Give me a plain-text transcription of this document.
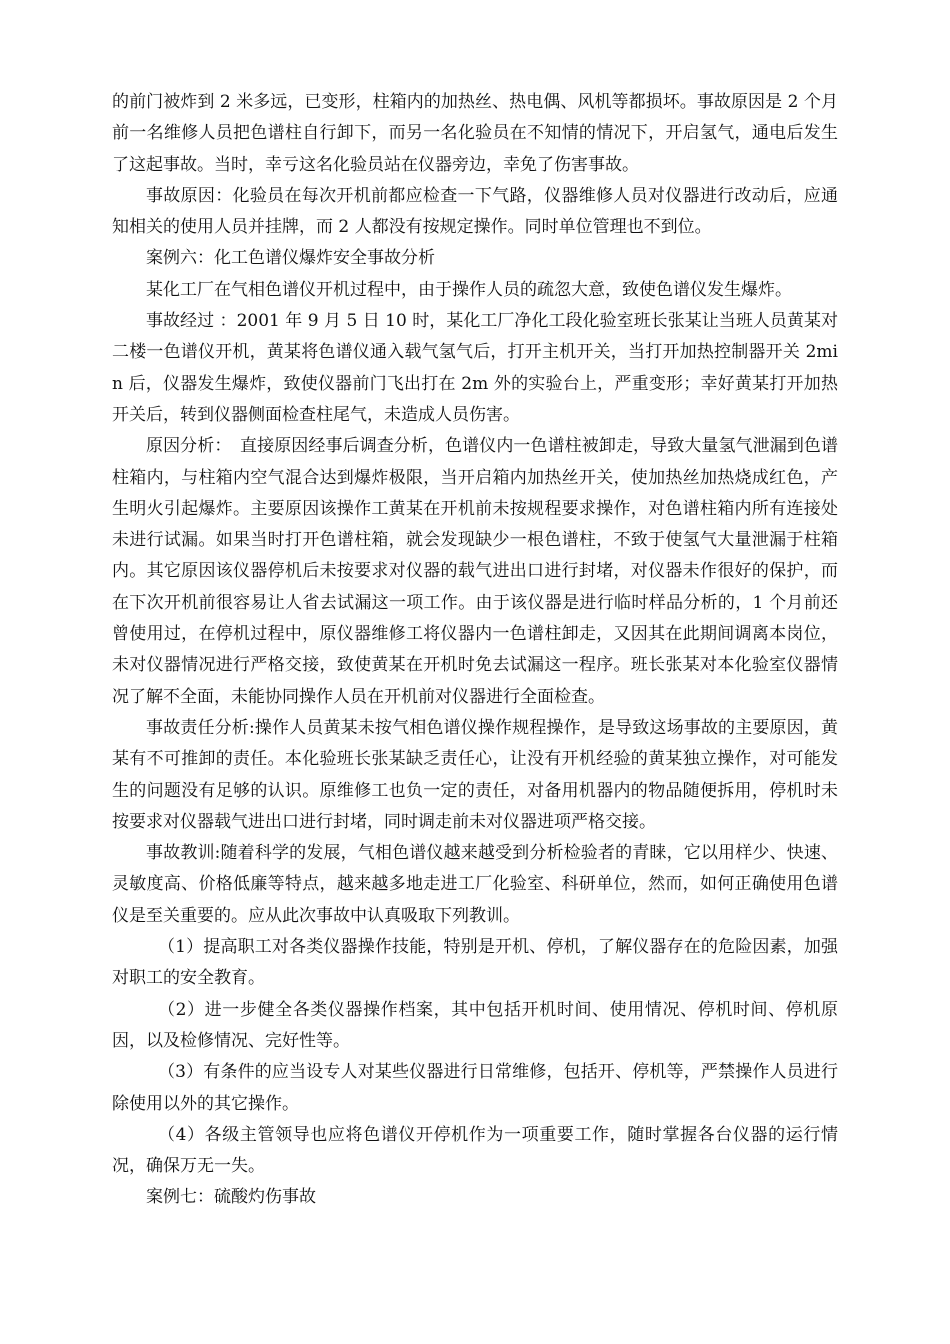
的前门被炸到 2 米多远，已变形，柱箱内的加热丝、热电偶、风机等都损坏。事故原因是 2 个月前一名维修人员把色谱柱自行卸下，而另一名化验员在不知情的情况下，开启氢气，通电后发生了这起事故。当时，幸亏这名化验员站在仪器旁边，幸免了伤害事故。

事故原因：化验员在每次开机前都应检查一下气路，仪器维修人员对仪器进行改动后，应通知相关的使用人员并挂牌，而 2 人都没有按规定操作。同时单位管理也不到位。

案例六：化工色谱仪爆炸安全事故分析

某化工厂在气相色谱仪开机过程中，由于操作人员的疏忽大意，致使色谱仪发生爆炸。

事故经过 ：2001 年 9 月 5 日 10 时，某化工厂净化工段化验室班长张某让当班人员黄某对二楼一色谱仪开机，黄某将色谱仪通入载气氢气后，打开主机开关，当打开加热控制器开关 2min 后，仪器发生爆炸，致使仪器前门飞出打在 2m 外的实验台上，严重变形；幸好黄某打开加热开关后，转到仪器侧面检查柱尾气，未造成人员伤害。

原因分析：　直接原因经事后调查分析，色谱仪内一色谱柱被卸走，导致大量氢气泄漏到色谱柱箱内，与柱箱内空气混合达到爆炸极限，当开启箱内加热丝开关，使加热丝加热烧成红色，产生明火引起爆炸。主要原因该操作工黄某在开机前未按规程要求操作，对色谱柱箱内所有连接处未进行试漏。如果当时打开色谱柱箱，就会发现缺少一根色谱柱，不致于使氢气大量泄漏于柱箱内。其它原因该仪器停机后未按要求对仪器的载气进出口进行封堵，对仪器未作很好的保护，而在下次开机前很容易让人省去试漏这一项工作。由于该仪器是进行临时样品分析的，1 个月前还曾使用过，在停机过程中，原仪器维修工将仪器内一色谱柱卸走，又因其在此期间调离本岗位，未对仪器情况进行严格交接，致使黄某在开机时免去试漏这一程序。班长张某对本化验室仪器情况了解不全面，未能协同操作人员在开机前对仪器进行全面检查。

事故责任分析:操作人员黄某未按气相色谱仪操作规程操作，是导致这场事故的主要原因，黄某有不可推卸的责任。本化验班长张某缺乏责任心，让没有开机经验的黄某独立操作，对可能发生的问题没有足够的认识。原维修工也负一定的责任，对备用机器内的物品随便拆用，停机时未按要求对仪器载气进出口进行封堵，同时调走前未对仪器进项严格交接。

事故教训:随着科学的发展，气相色谱仪越来越受到分析检验者的青睐，它以用样少、快速、灵敏度高、价格低廉等特点，越来越多地走进工厂化验室、科研单位，然而，如何正确使用色谱仪是至关重要的。应从此次事故中认真吸取下列教训。

（1）提高职工对各类仪器操作技能，特别是开机、停机，了解仪器存在的危险因素，加强对职工的安全教育。

（2）进一步健全各类仪器操作档案，其中包括开机时间、使用情况、停机时间、停机原因，以及检修情况、完好性等。

（3）有条件的应当设专人对某些仪器进行日常维修，包括开、停机等，严禁操作人员进行除使用以外的其它操作。

（4）各级主管领导也应将色谱仪开停机作为一项重要工作，随时掌握各台仪器的运行情况，确保万无一失。

案例七：硫酸灼伤事故
